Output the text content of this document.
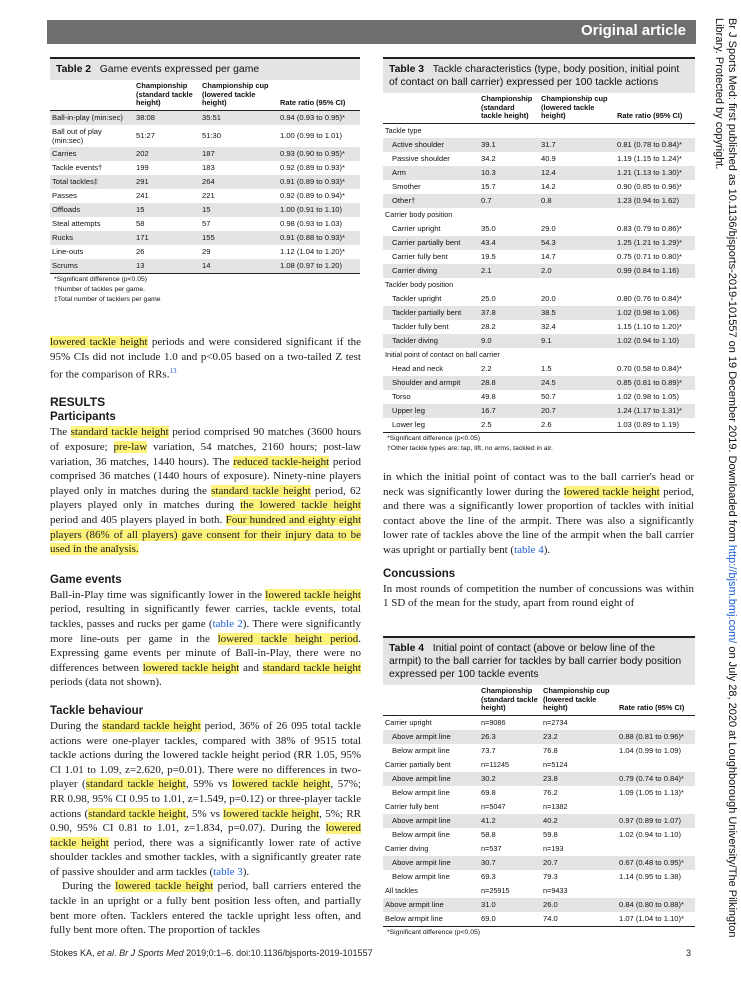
Original article	Br J Sports Med: first published as 10.1136/bjsports-2019-101557 on 19 December 2019. Downloaded from http://bjsm.bmj.com/ on July 28, 2020 at Loughborough University/The Pilkington Library. Protected by copyright.
Table 2 Game events expressed per game
	Championship (standard tackle height)	Championship cup (lowered tackle height)	Rate ratio (95% CI)
Ball-in-play (min:sec)	38:08	35:51	0.94 (0.93 to 0.95)*
Ball out of play (min:sec)	51:27	51:30	1.00 (0.99 to 1.01)
Carries	202	187	0.93 (0.90 to 0.95)*
Tackle events†	199	183	0.92 (0.89 to 0.93)*
Total tackles‡	291	264	0.91 (0.89 to 0.93)*
Passes	241	221	0.92 (0.89 to 0.94)*
Offloads	15	15	1.00 (0.91 to 1.10)
Steal attempts	58	57	0.98 (0.93 to 1.03)
Rucks	171	155	0.91 (0.88 to 0.93)*
Line-outs	26	29	1.12 (1.04 to 1.20)*
Scrums	13	14	1.08 (0.97 to 1.20)
*Significant difference (p<0.05)
†Number of tackles per game.
‡Total number of tacklers per game
Table 3 Tackle characteristics (type, body position, initial point of contact on ball carrier) expressed per 100 tackle actions
	Championship (standard tackle height)	Championship cup (lowered tackle height)	Rate ratio (95% CI)
Tackle type			
Active shoulder	39.1	31.7	0.81 (0.78 to 0.84)*
Passive shoulder	34.2	40.9	1.19 (1.15 to 1.24)*
Arm	10.3	12.4	1.21 (1.13 to 1.30)*
Smother	15.7	14.2	0.90 (0.85 to 0.96)*
Other†	0.7	0.8	1.23 (0.94 to 1.62)
Carrier body position			
Carrier upright	35.0	29.0	0.83 (0.79 to 0.86)*
Carrier partially bent	43.4	54.3	1.25 (1.21 to 1.29)*
Carrier fully bent	19.5	14.7	0.75 (0.71 to 0.80)*
Carrier diving	2.1	2.0	0.99 (0.84 to 1.16)
Tackler body position			
Tackler upright	25.0	20.0	0.80 (0.76 to 0.84)*
Tackler partially bent	37.8	38.5	1.02 (0.98 to 1.06)
Tackler fully bent	28.2	32.4	1.15 (1.10 to 1.20)*
Tackler diving	9.0	9.1	1.02 (0.94 to 1.10)
Initial point of contact on ball carrier			
Head and neck	2.2	1.5	0.70 (0.58 to 0.84)*
Shoulder and armpit	28.8	24.5	0.85 (0.81 to 0.89)*
Torso	49.8	50.7	1.02 (0.98 to 1.05)
Upper leg	16.7	20.7	1.24 (1.17 to 1.31)*
Lower leg	2.5	2.6	1.03 (0.89 to 1.19)
*Significant difference (p<0.05)
†Other tackle types are: tap, lift, no arms, tackled in air.

lowered tackle height periods and were considered significant if the 95% CIs did not include 1.0 and p<0.05 based on a two-tailed Z test for the comparison of RRs.$^{13}$

RESULTS
Participants

The standard tackle height period comprised 90 matches (3600 hours of exposure; pre-law variation, 54 matches, 2160 hours; post-law variation, 36 matches, 1440 hours). The reduced tackle-height period comprised 36 matches (1440 hours of exposure). Ninety-nine players played only in matches during the standard tackle height period, 62 players played only in matches during the lowered tackle height period and 405 players played in both. Four hundred and eighty eight players (86% of all players) gave consent for their injury data to be used in the analysis.

Game events

Ball-in-Play time was significantly lower in the lowered tackle height period, resulting in significantly fewer carries, tackle events, total tackles, passes and rucks per game (table 2). There were significantly more line-outs per game in the lowered tackle height period. Expressing game events per minute of Ball-in-Play, there were no differences between lowered tackle height and standard tackle height periods (data not shown).

Tackle behaviour

During the standard tackle height period, 36% of 26 095 total tackle actions were one-player tackles, compared with 38% of 9515 total tackle actions during the lowered tackle height period (RR 1.05, 95% CI 1.01 to 1.09, z=2.620, p=0.01). There were no differences in two-player (standard tackle height, 59% vs lowered tackle height, 57%; RR 0.98, 95% CI 0.95 to 1.01, z=1.549, p=0.12) or three-player tackle actions (standard tackle height, 5% vs lowered tackle height, 5%; RR 0.90, 95% CI 0.81 to 1.01, z=1.834, p=0.07). During the lowered tackle height period, there was a significantly lower rate of active shoulder tackles and smother tackles, with a significantly greater rate of passive shoulder and arm tackles (table 3).

During the lowered tackle height period, ball carriers entered the tackle in an upright or a fully bent position less often, and partially bent more often. Tacklers entered the tackle upright less often, and fully bent more often. The proportion of tackles

in which the initial point of contact was to the ball carrier's head or neck was significantly lower during the lowered tackle height period, and there was a significantly lower proportion of tackles with initial contact above the line of the armpit. There was also a significantly lower rate of tackles above the line of the armpit when the ball carrier was upright or partially bent (table 4).

Concussions

In most rounds of competition the number of concussions was within 1 SD of the mean for the study, apart from round eight of

Table 4 Initial point of contact (above or below line of the armpit) to the ball carrier for tackles by ball carrier body position expressed per 100 tackle events
	Championship (standard tackle height)	Championship cup (lowered tackle height)	Rate ratio (95% CI)
Carrier upright	n=9086	n=2734	
Above armpit line	26.3	23.2	0.88 (0.81 to 0.96)*
Below armpit line	73.7	76.8	1.04 (0.99 to 1.09)
Carrier partially bent	n=11245	n=5124	
Above armpit line	30.2	23.8	0.79 (0.74 to 0.84)*
Below armpit line	69.8	76.2	1.09 (1.05 to 1.13)*
Carrier fully bent	n=5047	n=1382	
Above armpit line	41.2	40.2	0.97 (0.89 to 1.07)
Below armpit line	58.8	59.8	1.02 (0.94 to 1.10)
Carrier diving	n=537	n=193	
Above armpit line	30.7	20.7	0.67 (0.48 to 0.95)*
Below armpit line	69.3	79.3	1.14 (0.95 to 1.38)
All tackles	n=25915	n=9433	
Above armpit line	31.0	26.0	0.84 (0.80 to 0.88)*
Below armpit line	69.0	74.0	1.07 (1.04 to 1.10)*
*Significant difference (p<0.05)
Stokes KA, et al. Br J Sports Med 2019;0:1–6. doi:10.1136/bjsports-2019-101557	3
